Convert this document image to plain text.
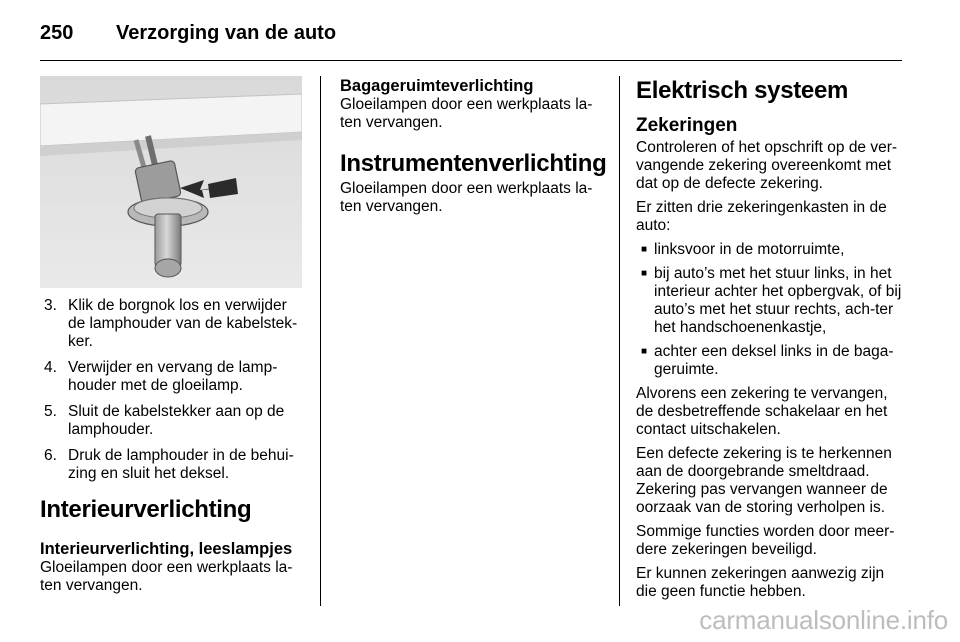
250 Verzorging van de auto
3. Klik de borgnok los en verwijder de lamphouder van de kabelstek-ker.
4. Verwijder en vervang de lamp-houder met de gloeilamp.
5. Sluit de kabelstekker aan op de lamphouder.
6. Druk de lamphouder in de behui-zing en sluit het deksel.
Interieurverlichting
Interieurverlichting, leeslampjes
Gloeilampen door een werkplaats la-ten vervangen.
Bagageruimteverlichting
Gloeilampen door een werkplaats la-ten vervangen.
Instrumentenverlichting
Gloeilampen door een werkplaats la-ten vervangen.
Elektrisch systeem
Zekeringen

Controleren of het opschrift op de ver-vangende zekering overeenkomt met dat op de defecte zekering.

Er zitten drie zekeringenkasten in de auto:

■ linksvoor in de motorruimte,
■ bij auto’s met het stuur links, in het interieur achter het opbergvak, of bij auto’s met het stuur rechts, ach-ter het handschoenenkastje,
■ achter een deksel links in de baga-geruimte.

Alvorens een zekering te vervangen, de desbetreffende schakelaar en het contact uitschakelen.

Een defecte zekering is te herkennen aan de doorgebrande smeltdraad.

Zekering pas vervangen wanneer de oorzaak van de storing verholpen is.

Sommige functies worden door meer-dere zekeringen beveiligd.

Er kunnen zekeringen aanwezig zijn die geen functie hebben.

carmanualsonline.info
